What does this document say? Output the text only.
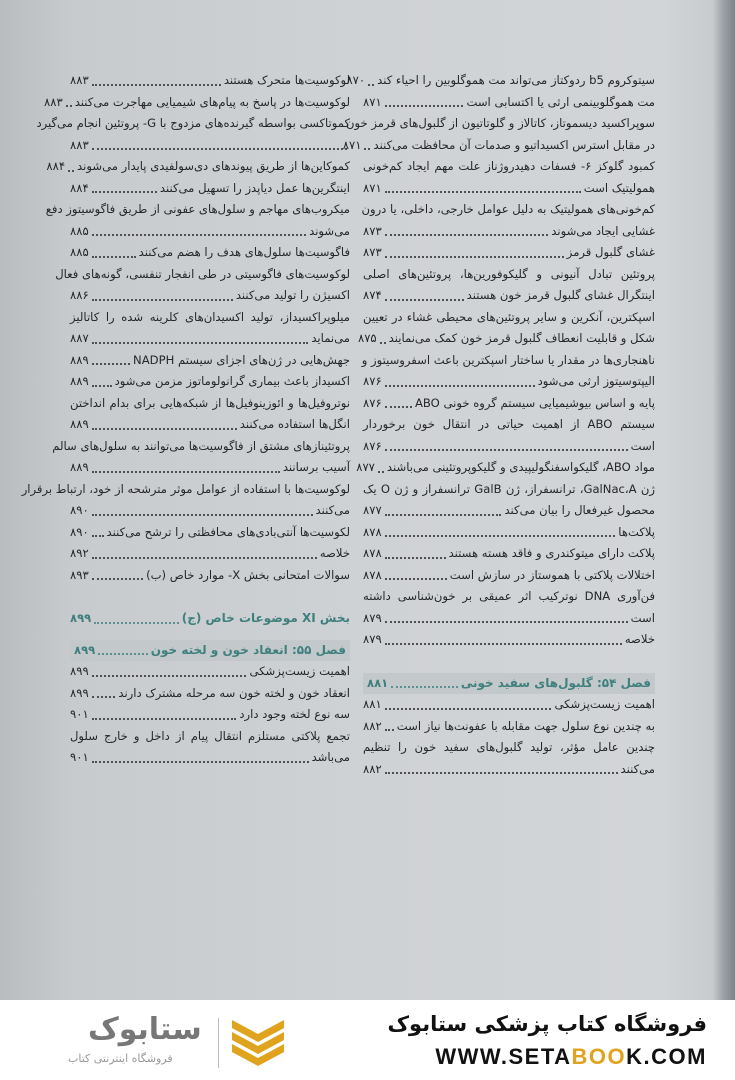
سیتوکروم b5 ردوکتاز می‌تواند مت هموگلوبین را احیاء کند
۸۷۰
مت هموگلوبینمی ارثی یا اکتسابی است
۸۷۱
سوپراکسید دیسموتاز، کاتالاز و گلوتاتیون از گلبول‌های قرمز خون
در مقابل استرس اکسیداتیو و صدمات آن محافظت می‌کنند
۸۷۱
کمبود گلوکز ۶- فسفات دهیدروژناز علت مهم ایجاد کم‌خونی
همولیتیک است
۸۷۱
کم‌خونی‌های همولیتیک به دلیل عوامل خارجی، داخلی، یا درون
غشایی ایجاد می‌شوند
۸۷۳
غشای گلبول قرمز
۸۷۳
پروتئین تبادل آنیونی و گلیکوفورین‌ها، پروتئین‌های اصلی
اینتگرال غشای گلبول قرمز خون هستند
۸۷۴
اسپکترین، آنکرین و سایر پروتئین‌های محیطی غشاء در تعیین
شکل و قابلیت انعطاف گلبول قرمز خون کمک می‌نمایند
۸۷۵
ناهنجاری‌ها در مقدار یا ساختار اسپکترین باعث اسفروسیتوز و
الیپتوسیتوز ارثی می‌شود
۸۷۶
پایه و اساس بیوشیمیایی سیستم گروه خونی ABO
۸۷۶
سیستم ABO از اهمیت حیاتی در انتقال خون برخوردار
است
۸۷۶
مواد ABO، گلیکواسفنگولیپیدی و گلیکوپروتئینی می‌باشند
۸۷۷
ژن GalNac،A، ترانسفراز، ژن GalB ترانسفراز و ژن O یک
محصول غیرفعال را بیان می‌کند
۸۷۷
پلاکت‌ها
۸۷۸
پلاکت دارای میتوکندری و فاقد هسته هستند
۸۷۸
اختلالات پلاکتی با هموستاز در سازش است
۸۷۸
فن‌آوری DNA نوترکیب اثر عمیقی بر خون‌شناسی داشته
است
۸۷۹
خلاصه
۸۷۹
فصل ۵۴: گلبول‌های سفید خونی
۸۸۱
اهمیت زیست‌پزشکی
۸۸۱
به چندین نوع سلول جهت مقابله با عفونت‌ها نیاز است
۸۸۲
چندین عامل مؤثر، تولید گلبول‌های سفید خون را تنظیم
می‌کنند
۸۸۲
لوکوسیت‌ها متحرک هستند
۸۸۳
لوکوسیت‌ها در پاسخ به پیام‌های شیمیایی مهاجرت می‌کنند
۸۸۳
کموتاکسی بواسطه گیرنده‌های مزدوج با G- پروتئین انجام می‌گیرد
۸۸۳
کموکاین‌ها از طریق پیوندهای دی‌سولفیدی پایدار می‌شوند
۸۸۴
اینتگرین‌ها عمل دیاپدز را تسهیل می‌کنند
۸۸۴
میکروب‌های مهاجم و سلول‌های عفونی از طریق فاگوسیتوز دفع
می‌شوند
۸۸۵
فاگوسیت‌ها سلول‌های هدف را هضم می‌کنند
۸۸۵
لوکوسیت‌های فاگوسیتی در طی انفجار تنفسی، گونه‌های فعال
اکسیژن را تولید می‌کنند
۸۸۶
میلوپراکسیداز، تولید اکسیدان‌های کلرینه شده را کاتالیز
می‌نماید
۸۸۷
جهش‌هایی در ژن‌های اجزای سیستم NADPH
۸۸۹
اکسیداز باعث بیماری گرانولوماتوز مزمن می‌شود
۸۸۹
نوتروفیل‌ها و ائوزینوفیل‌ها از شبکه‌هایی برای بدام انداختن
انگل‌ها استفاده می‌کنند
۸۸۹
پروتئینازهای مشتق از فاگوسیت‌ها می‌توانند به سلول‌های سالم
آسیب برسانند
۸۸۹
لوکوسیت‌ها با استفاده از عوامل موثر مترشحه از خود، ارتباط برقرار
می‌کنند
۸۹۰
لکوسیت‌ها آنتی‌بادی‌های محافظتی را ترشح می‌کنند
۸۹۰
خلاصه
۸۹۲
سوالات امتحانی بخش X- موارد خاص (ب)
۸۹۳
بخش XI موضوعات خاص (ج)
۸۹۹
فصل ۵۵: انعقاد خون و لخته خون
۸۹۹
اهمیت زیست‌پزشکی
۸۹۹
انعقاد خون و لخته خون سه مرحله مشترک دارند
۸۹۹
سه نوع لخته وجود دارد
۹۰۱
تجمع پلاکتی مستلزم انتقال پیام از داخل و خارج سلول
می‌باشد
۹۰۱
ستابوک
فروشگاه اینترنتی کتاب
فروشگاه کتاب پزشکی ستابوک
WWW.SETABOOK.COM
